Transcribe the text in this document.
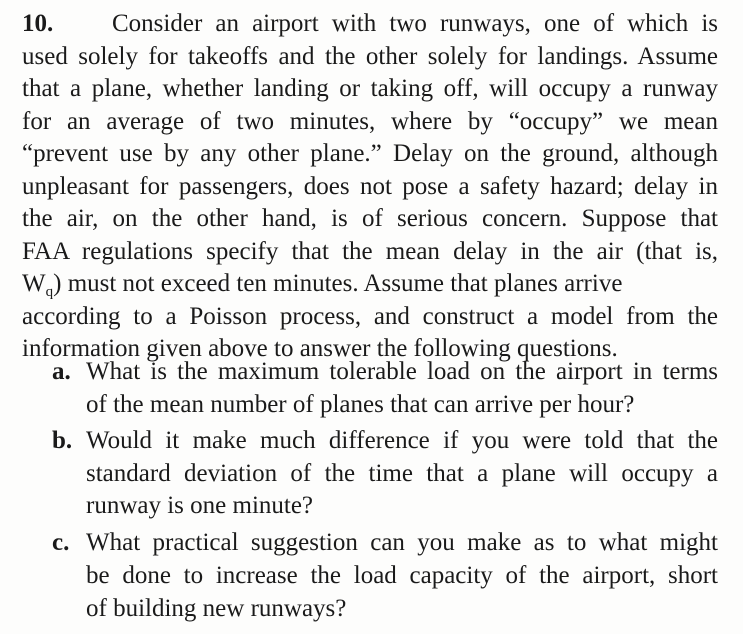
10. Consider an airport with two runways, one of which is
used solely for takeoffs and the other solely for landings. Assume
that a plane, whether landing or taking off, will occupy a runway
for an average of two minutes, where by “occupy” we mean
“prevent use by any other plane.” Delay on the ground, although
unpleasant for passengers, does not pose a safety hazard; delay in
the air, on the other hand, is of serious concern. Suppose that
FAA regulations specify that the mean delay in the air (that is,
$W_q$) must not exceed ten minutes. Assume that planes arrive
according to a Poisson process, and construct a model from the
information given above to answer the following questions.
a. What is the maximum tolerable load on the airport in terms
of the mean number of planes that can arrive per hour?
b. Would it make much difference if you were told that the
standard deviation of the time that a plane will occupy a
runway is one minute?
c. What practical suggestion can you make as to what might
be done to increase the load capacity of the airport, short
of building new runways?
